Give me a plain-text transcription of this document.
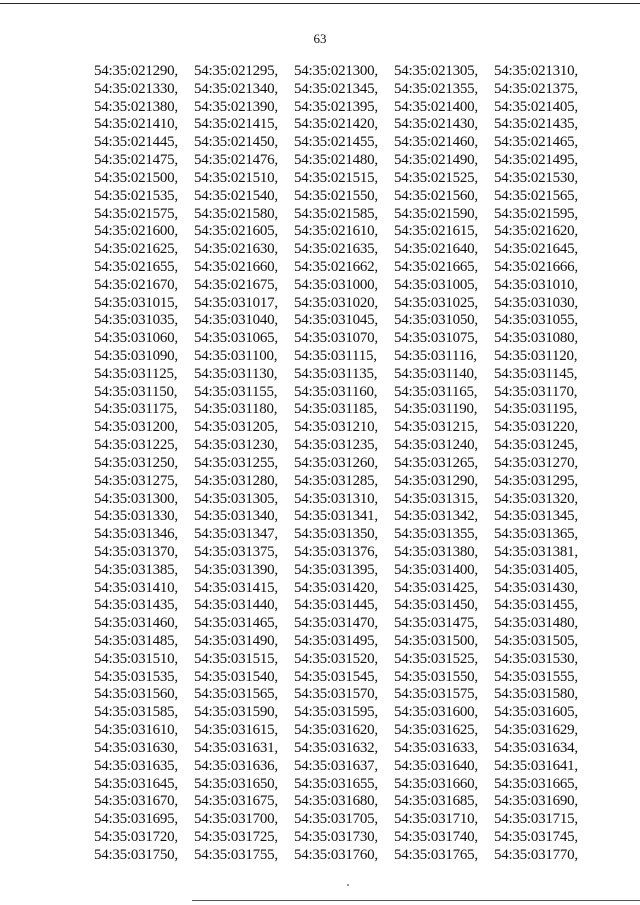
63
54:35:021290,	54:35:021295,	54:35:021300,	54:35:021305,	54:35:021310,
54:35:021330,	54:35:021340,	54:35:021345,	54:35:021355,	54:35:021375,
54:35:021380,	54:35:021390,	54:35:021395,	54:35:021400,	54:35:021405,
54:35:021410,	54:35:021415,	54:35:021420,	54:35:021430,	54:35:021435,
54:35:021445,	54:35:021450,	54:35:021455,	54:35:021460,	54:35:021465,
54:35:021475,	54:35:021476,	54:35:021480,	54:35:021490,	54:35:021495,
54:35:021500,	54:35:021510,	54:35:021515,	54:35:021525,	54:35:021530,
54:35:021535,	54:35:021540,	54:35:021550,	54:35:021560,	54:35:021565,
54:35:021575,	54:35:021580,	54:35:021585,	54:35:021590,	54:35:021595,
54:35:021600,	54:35:021605,	54:35:021610,	54:35:021615,	54:35:021620,
54:35:021625,	54:35:021630,	54:35:021635,	54:35:021640,	54:35:021645,
54:35:021655,	54:35:021660,	54:35:021662,	54:35:021665,	54:35:021666,
54:35:021670,	54:35:021675,	54:35:031000,	54:35:031005,	54:35:031010,
54:35:031015,	54:35:031017,	54:35:031020,	54:35:031025,	54:35:031030,
54:35:031035,	54:35:031040,	54:35:031045,	54:35:031050,	54:35:031055,
54:35:031060,	54:35:031065,	54:35:031070,	54:35:031075,	54:35:031080,
54:35:031090,	54:35:031100,	54:35:031115,	54:35:031116,	54:35:031120,
54:35:031125,	54:35:031130,	54:35:031135,	54:35:031140,	54:35:031145,
54:35:031150,	54:35:031155,	54:35:031160,	54:35:031165,	54:35:031170,
54:35:031175,	54:35:031180,	54:35:031185,	54:35:031190,	54:35:031195,
54:35:031200,	54:35:031205,	54:35:031210,	54:35:031215,	54:35:031220,
54:35:031225,	54:35:031230,	54:35:031235,	54:35:031240,	54:35:031245,
54:35:031250,	54:35:031255,	54:35:031260,	54:35:031265,	54:35:031270,
54:35:031275,	54:35:031280,	54:35:031285,	54:35:031290,	54:35:031295,
54:35:031300,	54:35:031305,	54:35:031310,	54:35:031315,	54:35:031320,
54:35:031330,	54:35:031340,	54:35:031341,	54:35:031342,	54:35:031345,
54:35:031346,	54:35:031347,	54:35:031350,	54:35:031355,	54:35:031365,
54:35:031370,	54:35:031375,	54:35:031376,	54:35:031380,	54:35:031381,
54:35:031385,	54:35:031390,	54:35:031395,	54:35:031400,	54:35:031405,
54:35:031410,	54:35:031415,	54:35:031420,	54:35:031425,	54:35:031430,
54:35:031435,	54:35:031440,	54:35:031445,	54:35:031450,	54:35:031455,
54:35:031460,	54:35:031465,	54:35:031470,	54:35:031475,	54:35:031480,
54:35:031485,	54:35:031490,	54:35:031495,	54:35:031500,	54:35:031505,
54:35:031510,	54:35:031515,	54:35:031520,	54:35:031525,	54:35:031530,
54:35:031535,	54:35:031540,	54:35:031545,	54:35:031550,	54:35:031555,
54:35:031560,	54:35:031565,	54:35:031570,	54:35:031575,	54:35:031580,
54:35:031585,	54:35:031590,	54:35:031595,	54:35:031600,	54:35:031605,
54:35:031610,	54:35:031615,	54:35:031620,	54:35:031625,	54:35:031629,
54:35:031630,	54:35:031631,	54:35:031632,	54:35:031633,	54:35:031634,
54:35:031635,	54:35:031636,	54:35:031637,	54:35:031640,	54:35:031641,
54:35:031645,	54:35:031650,	54:35:031655,	54:35:031660,	54:35:031665,
54:35:031670,	54:35:031675,	54:35:031680,	54:35:031685,	54:35:031690,
54:35:031695,	54:35:031700,	54:35:031705,	54:35:031710,	54:35:031715,
54:35:031720,	54:35:031725,	54:35:031730,	54:35:031740,	54:35:031745,
54:35:031750,	54:35:031755,	54:35:031760,	54:35:031765,	54:35:031770,
